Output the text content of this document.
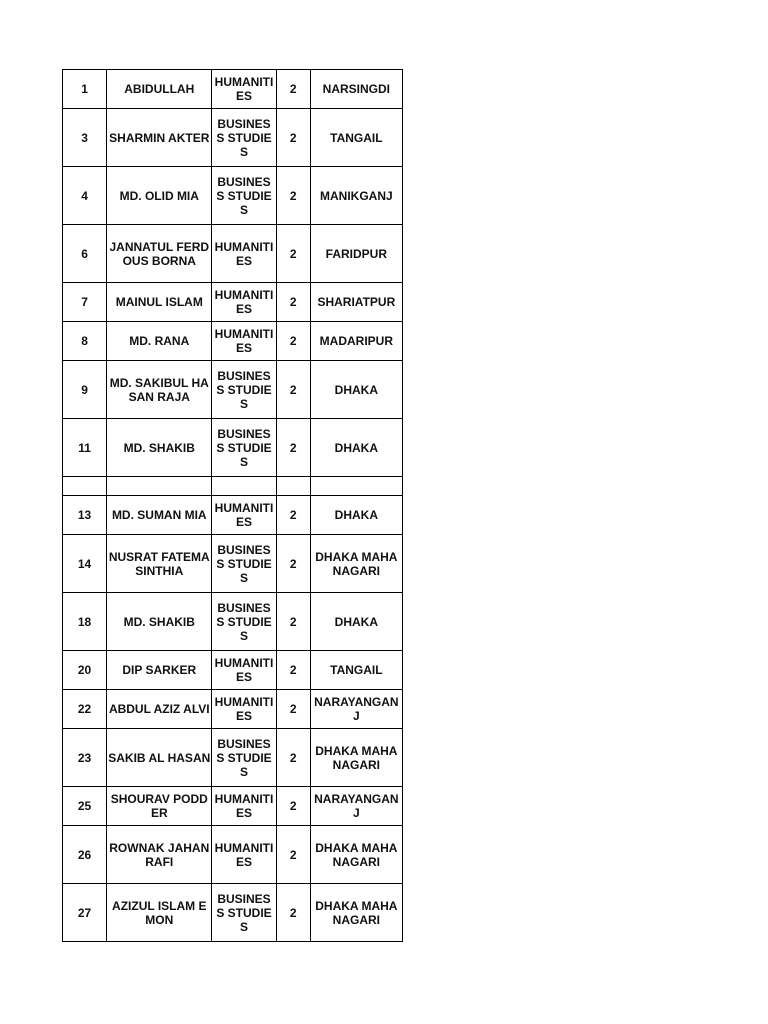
1	ABIDULLAH	HUMANITIES	2	NARSINGDI
3	SHARMIN AKTER	BUSINESS STUDIES	2	TANGAIL
4	MD. OLID MIA	BUSINESS STUDIES	2	MANIKGANJ
6	JANNATUL FERDOUS BORNA	HUMANITIES	2	FARIDPUR
7	MAINUL ISLAM	HUMANITIES	2	SHARIATPUR
8	MD. RANA	HUMANITIES	2	MADARIPUR
9	MD. SAKIBUL HASAN RAJA	BUSINESS STUDIES	2	DHAKA
11	MD. SHAKIB	BUSINESS STUDIES	2	DHAKA

13	MD. SUMAN MIA	HUMANITIES	2	DHAKA
14	NUSRAT FATEMA SINTHIA	BUSINESS STUDIES	2	DHAKA MAHANAGARI
18	MD. SHAKIB	BUSINESS STUDIES	2	DHAKA
20	DIP SARKER	HUMANITIES	2	TANGAIL
22	ABDUL AZIZ ALVI	HUMANITIES	2	NARAYANGANJ
23	SAKIB AL HASAN	BUSINESS STUDIES	2	DHAKA MAHANAGARI
25	SHOURAV PODDER	HUMANITIES	2	NARAYANGANJ
26	ROWNAK JAHAN RAFI	HUMANITIES	2	DHAKA MAHANAGARI
27	AZIZUL ISLAM EMON	BUSINESS STUDIES	2	DHAKA MAHANAGARI
